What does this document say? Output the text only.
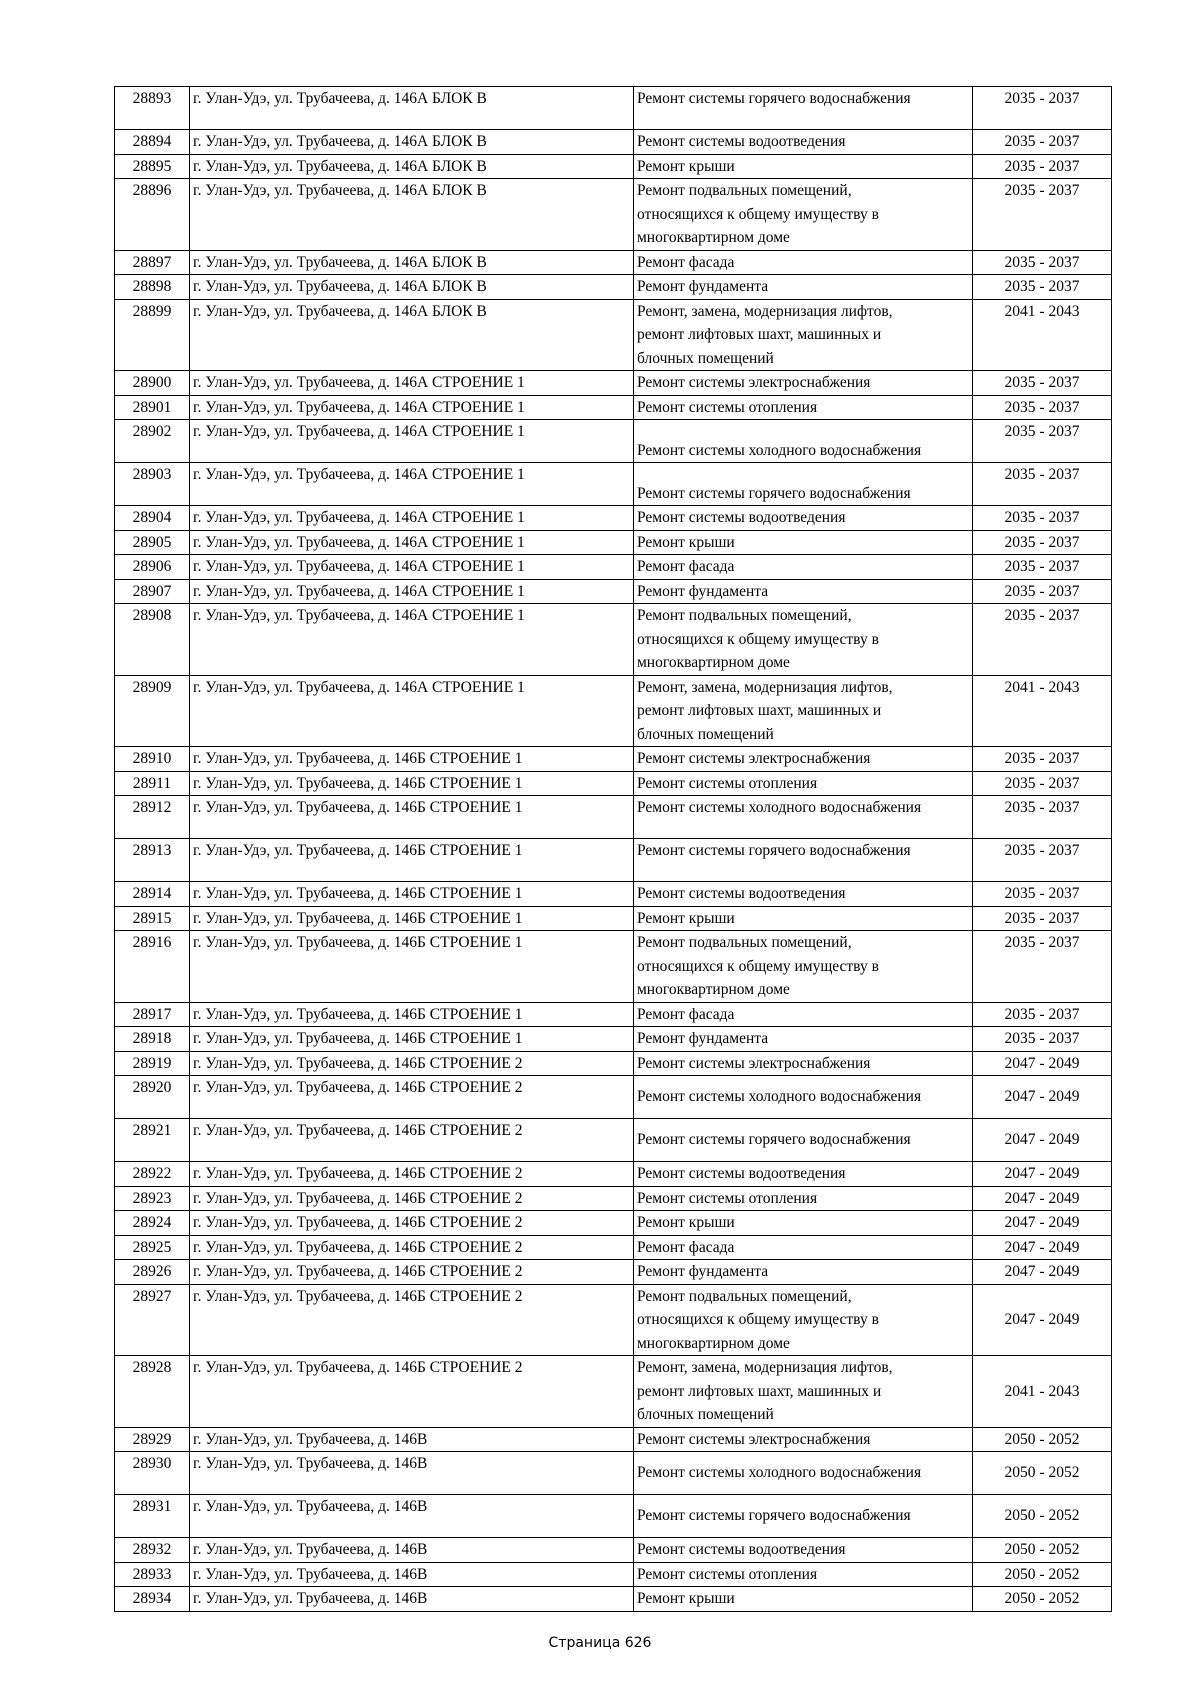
28893	г. Улан-Удэ, ул. Трубачеева, д. 146А БЛОК В	Ремонт системы горячего водоснабжения	2035 - 2037
28894	г. Улан-Удэ, ул. Трубачеева, д. 146А БЛОК В	Ремонт системы водоотведения	2035 - 2037
28895	г. Улан-Удэ, ул. Трубачеева, д. 146А БЛОК В	Ремонт крыши	2035 - 2037
28896	г. Улан-Удэ, ул. Трубачеева, д. 146А БЛОК В	Ремонт подвальных помещений,
относящихся к общему имуществу в
многоквартирном доме	2035 - 2037
28897	г. Улан-Удэ, ул. Трубачеева, д. 146А БЛОК В	Ремонт фасада	2035 - 2037
28898	г. Улан-Удэ, ул. Трубачеева, д. 146А БЛОК В	Ремонт фундамента	2035 - 2037
28899	г. Улан-Удэ, ул. Трубачеева, д. 146А БЛОК В	Ремонт, замена, модернизация лифтов,
ремонт лифтовых шахт, машинных и
блочных помещений	2041 - 2043
28900	г. Улан-Удэ, ул. Трубачеева, д. 146А СТРОЕНИЕ 1	Ремонт системы электроснабжения	2035 - 2037
28901	г. Улан-Удэ, ул. Трубачеева, д. 146А СТРОЕНИЕ 1	Ремонт системы отопления	2035 - 2037
28902	г. Улан-Удэ, ул. Трубачеева, д. 146А СТРОЕНИЕ 1	Ремонт системы холодного водоснабжения	2035 - 2037
28903	г. Улан-Удэ, ул. Трубачеева, д. 146А СТРОЕНИЕ 1	Ремонт системы горячего водоснабжения	2035 - 2037
28904	г. Улан-Удэ, ул. Трубачеева, д. 146А СТРОЕНИЕ 1	Ремонт системы водоотведения	2035 - 2037
28905	г. Улан-Удэ, ул. Трубачеева, д. 146А СТРОЕНИЕ 1	Ремонт крыши	2035 - 2037
28906	г. Улан-Удэ, ул. Трубачеева, д. 146А СТРОЕНИЕ 1	Ремонт фасада	2035 - 2037
28907	г. Улан-Удэ, ул. Трубачеева, д. 146А СТРОЕНИЕ 1	Ремонт фундамента	2035 - 2037
28908	г. Улан-Удэ, ул. Трубачеева, д. 146А СТРОЕНИЕ 1	Ремонт подвальных помещений,
относящихся к общему имуществу в
многоквартирном доме	2035 - 2037
28909	г. Улан-Удэ, ул. Трубачеева, д. 146А СТРОЕНИЕ 1	Ремонт, замена, модернизация лифтов,
ремонт лифтовых шахт, машинных и
блочных помещений	2041 - 2043
28910	г. Улан-Удэ, ул. Трубачеева, д. 146Б СТРОЕНИЕ 1	Ремонт системы электроснабжения	2035 - 2037
28911	г. Улан-Удэ, ул. Трубачеева, д. 146Б СТРОЕНИЕ 1	Ремонт системы отопления	2035 - 2037
28912	г. Улан-Удэ, ул. Трубачеева, д. 146Б СТРОЕНИЕ 1	Ремонт системы холодного водоснабжения	2035 - 2037
28913	г. Улан-Удэ, ул. Трубачеева, д. 146Б СТРОЕНИЕ 1	Ремонт системы горячего водоснабжения	2035 - 2037
28914	г. Улан-Удэ, ул. Трубачеева, д. 146Б СТРОЕНИЕ 1	Ремонт системы водоотведения	2035 - 2037
28915	г. Улан-Удэ, ул. Трубачеева, д. 146Б СТРОЕНИЕ 1	Ремонт крыши	2035 - 2037
28916	г. Улан-Удэ, ул. Трубачеева, д. 146Б СТРОЕНИЕ 1	Ремонт подвальных помещений,
относящихся к общему имуществу в
многоквартирном доме	2035 - 2037
28917	г. Улан-Удэ, ул. Трубачеева, д. 146Б СТРОЕНИЕ 1	Ремонт фасада	2035 - 2037
28918	г. Улан-Удэ, ул. Трубачеева, д. 146Б СТРОЕНИЕ 1	Ремонт фундамента	2035 - 2037
28919	г. Улан-Удэ, ул. Трубачеева, д. 146Б СТРОЕНИЕ 2	Ремонт системы электроснабжения	2047 - 2049
28920	г. Улан-Удэ, ул. Трубачеева, д. 146Б СТРОЕНИЕ 2	Ремонт системы холодного водоснабжения	2047 - 2049
28921	г. Улан-Удэ, ул. Трубачеева, д. 146Б СТРОЕНИЕ 2	Ремонт системы горячего водоснабжения	2047 - 2049
28922	г. Улан-Удэ, ул. Трубачеева, д. 146Б СТРОЕНИЕ 2	Ремонт системы водоотведения	2047 - 2049
28923	г. Улан-Удэ, ул. Трубачеева, д. 146Б СТРОЕНИЕ 2	Ремонт системы отопления	2047 - 2049
28924	г. Улан-Удэ, ул. Трубачеева, д. 146Б СТРОЕНИЕ 2	Ремонт крыши	2047 - 2049
28925	г. Улан-Удэ, ул. Трубачеева, д. 146Б СТРОЕНИЕ 2	Ремонт фасада	2047 - 2049
28926	г. Улан-Удэ, ул. Трубачеева, д. 146Б СТРОЕНИЕ 2	Ремонт фундамента	2047 - 2049
28927	г. Улан-Удэ, ул. Трубачеева, д. 146Б СТРОЕНИЕ 2	Ремонт подвальных помещений,
относящихся к общему имуществу в
многоквартирном доме	2047 - 2049
28928	г. Улан-Удэ, ул. Трубачеева, д. 146Б СТРОЕНИЕ 2	Ремонт, замена, модернизация лифтов,
ремонт лифтовых шахт, машинных и
блочных помещений	2041 - 2043
28929	г. Улан-Удэ, ул. Трубачеева, д. 146В	Ремонт системы электроснабжения	2050 - 2052
28930	г. Улан-Удэ, ул. Трубачеева, д. 146В	Ремонт системы холодного водоснабжения	2050 - 2052
28931	г. Улан-Удэ, ул. Трубачеева, д. 146В	Ремонт системы горячего водоснабжения	2050 - 2052
28932	г. Улан-Удэ, ул. Трубачеева, д. 146В	Ремонт системы водоотведения	2050 - 2052
28933	г. Улан-Удэ, ул. Трубачеева, д. 146В	Ремонт системы отопления	2050 - 2052
28934	г. Улан-Удэ, ул. Трубачеева, д. 146В	Ремонт крыши	2050 - 2052
Страница 626
